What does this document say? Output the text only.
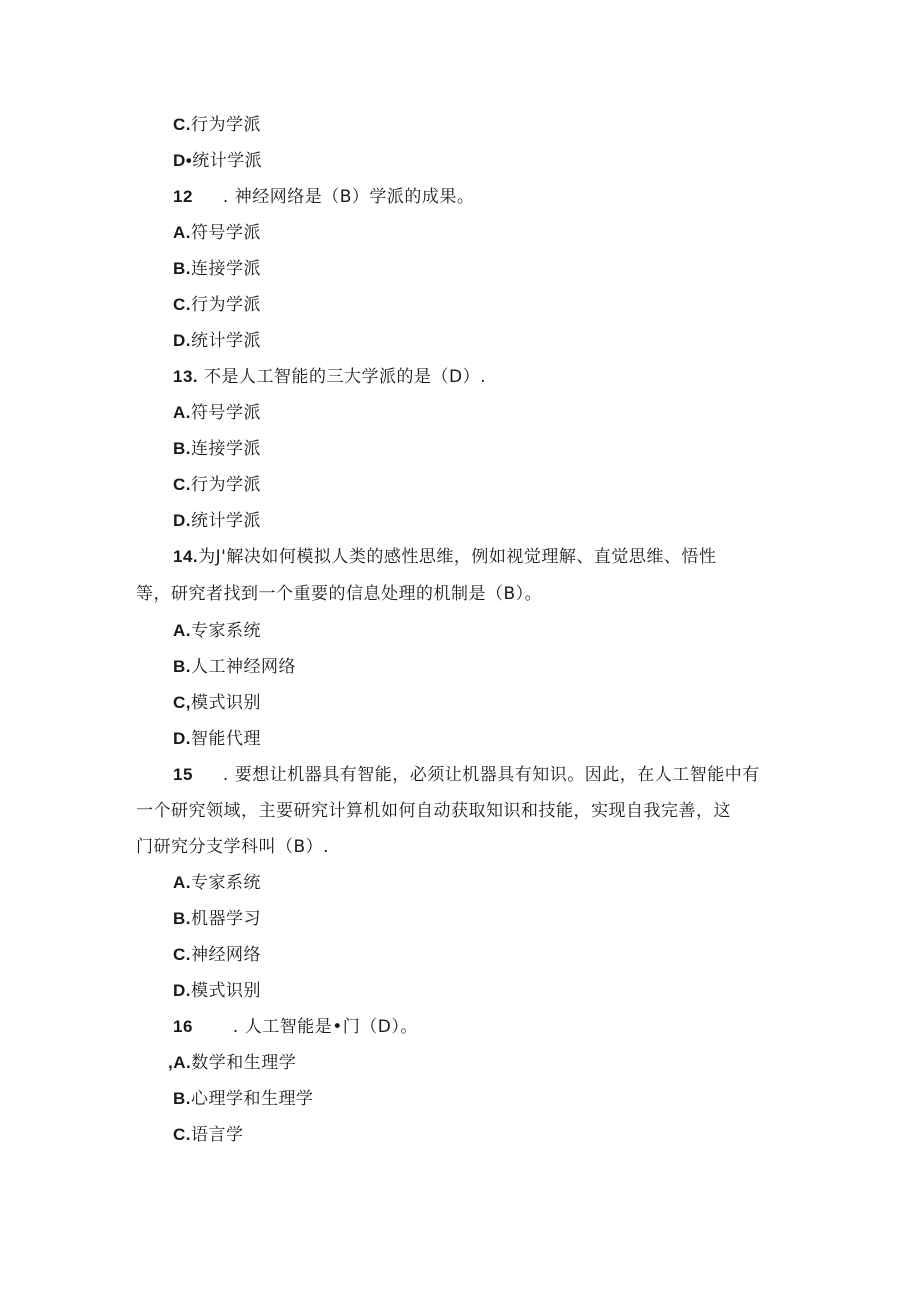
C.行为学派
D•统计学派
12 . 神经网络是（B）学派的成果。
A.符号学派
B.连接学派
C.行为学派
D.统计学派
13. 不是人工智能的三大学派的是（D）.
A.符号学派
B.连接学派
C.行为学派
D.统计学派
14.为J'解决如何模拟人类的感性思维，例如视觉理解、直觉思维、悟性
等，研究者找到一个重要的信息处理的机制是（B）。
A.专家系统
B.人工神经网络
C,模式识别
D.智能代理
15 . 要想让机器具有智能，必须让机器具有知识。因此，在人工智能中有
一个研究领域，主要研究计算机如何自动获取知识和技能，实现自我完善，这
门研究分支学科叫（B）.
A.专家系统
B.机器学习
C.神经网络
D.模式识别
16 . 人工智能是•门（D）。
,A.数学和生理学
B.心理学和生理学
C.语言学
